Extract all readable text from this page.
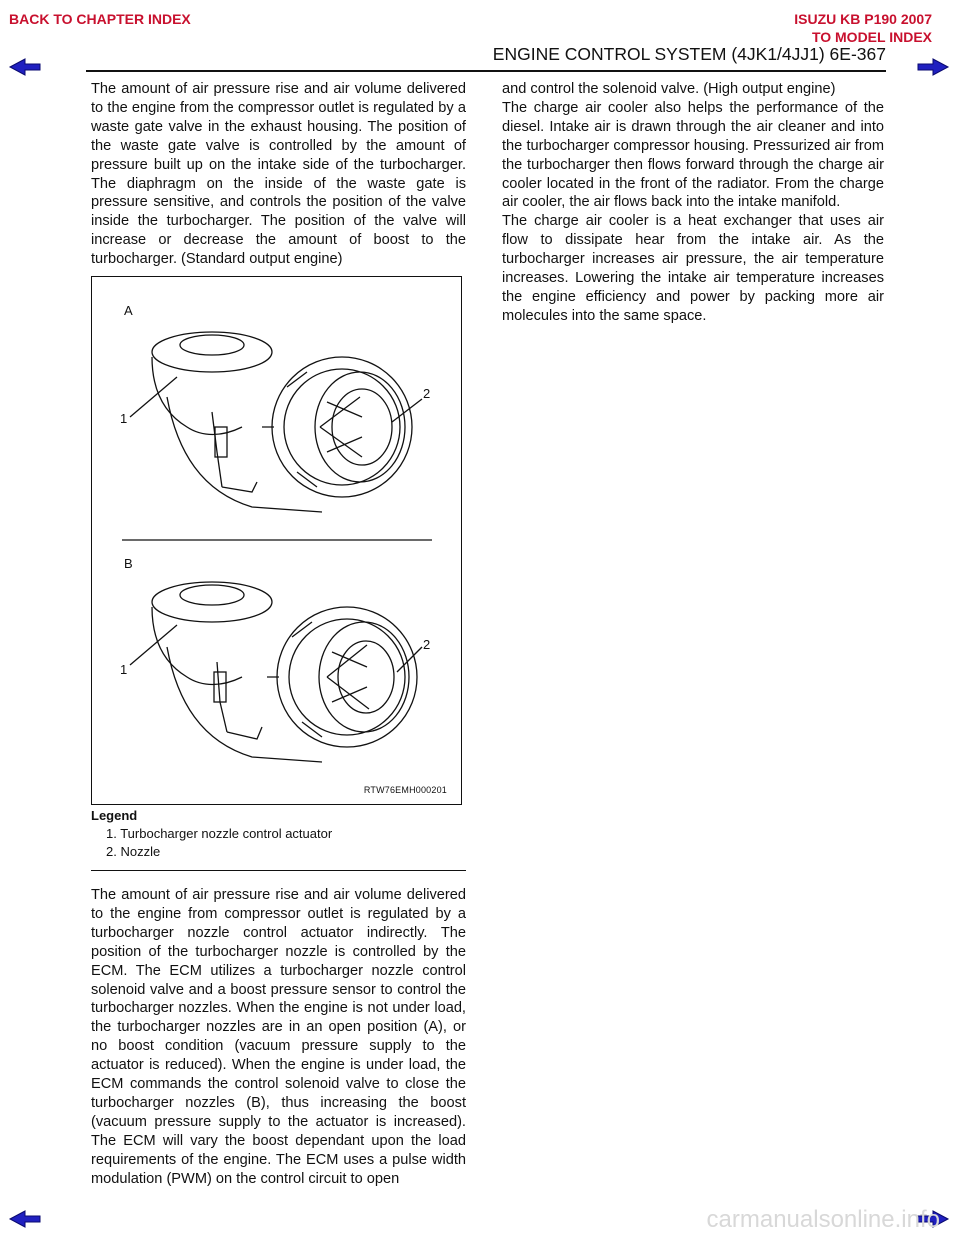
BACK TO CHAPTER INDEX	ISUZU KB P190 2007
TO MODEL INDEX
ENGINE CONTROL SYSTEM (4JK1/4JJ1) 6E-367

The amount of air pressure rise and air volume delivered to the engine from the compressor outlet is regulated by a waste gate valve in the exhaust housing. The position of the waste gate valve is controlled by the amount of pressure built up on the intake side of the turbocharger. The diaphragm on the inside of the waste gate is pressure sensitive, and controls the position of the valve inside the turbocharger. The position of the valve will increase or decrease the amount of boost to the turbocharger. (Standard output engine)

A
1
2
B
1
2
RTW76EMH000201
Legend
1. Turbocharger nozzle control actuator
2. Nozzle

The amount of air pressure rise and air volume delivered to the engine from compressor outlet is regulated by a turbocharger nozzle control actuator indirectly. The position of the turbocharger nozzle is controlled by the ECM. The ECM utilizes a turbocharger nozzle control solenoid valve and a boost pressure sensor to control the turbocharger nozzles. When the engine is not under load, the turbocharger nozzles are in an open position (A), or no boost condition (vacuum pressure supply to the actuator is reduced). When the engine is under load, the ECM commands the control solenoid valve to close the turbocharger nozzles (B), thus increasing the boost (vacuum pressure supply to the actuator is increased). The ECM will vary the boost dependant upon the load requirements of the engine. The ECM uses a pulse width modulation (PWM) on the control circuit to open

and control the solenoid valve. (High output engine)

The charge air cooler also helps the performance of the diesel. Intake air is drawn through the air cleaner and into the turbocharger compressor housing. Pressurized air from the turbocharger then flows forward through the charge air cooler located in the front of the radiator. From the charge air cooler, the air flows back into the intake manifold.

The charge air cooler is a heat exchanger that uses air flow to dissipate hear from the intake air. As the turbocharger increases air pressure, the air temperature increases. Lowering the intake air temperature increases the engine efficiency and power by packing more air molecules into the same space.

carmanualsonline.info
